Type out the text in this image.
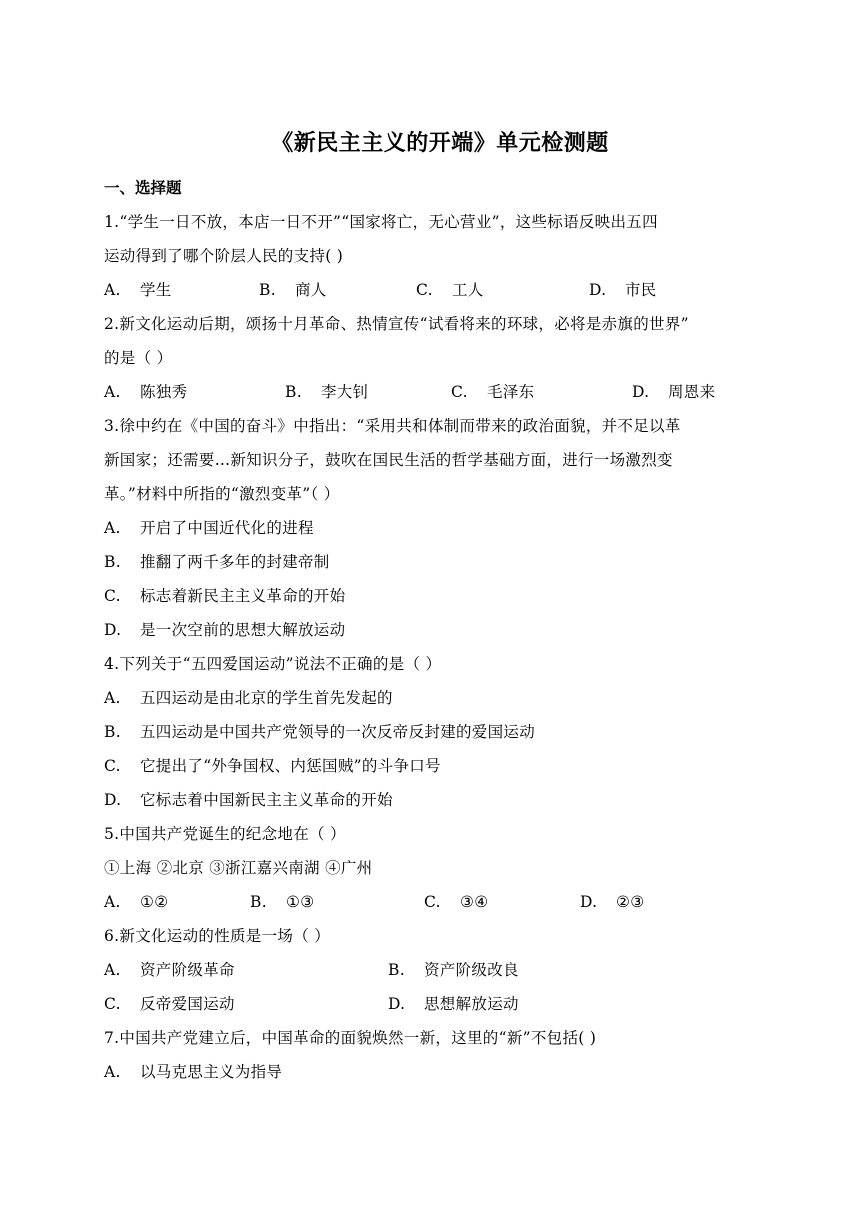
《新民主主义的开端》单元检测题
一、选择题
1.“学生一日不放，本店一日不开”“国家将亡，无心营业”，这些标语反映出五四
运动得到了哪个阶层人民的支持( )
A. 学生	B. 商人	C. 工人	D. 市民
2.新文化运动后期，颂扬十月革命、热情宣传“试看将来的环球，必将是赤旗的世界”
的是（ ）
A. 陈独秀	B. 李大钊	C. 毛泽东	D. 周恩来
3.徐中约在《中国的奋斗》中指出：“采用共和体制而带来的政治面貌，并不足以革
新国家；还需要…新知识分子，鼓吹在国民生活的哲学基础方面，进行一场激烈变
革。”材料中所指的“激烈变革”（ ）
A. 开启了中国近代化的进程
B. 推翻了两千多年的封建帝制
C. 标志着新民主主义革命的开始
D. 是一次空前的思想大解放运动
4.下列关于“五四爱国运动”说法不正确的是（ ）
A. 五四运动是由北京的学生首先发起的
B. 五四运动是中国共产党领导的一次反帝反封建的爱国运动
C. 它提出了“外争国权、内惩国贼”的斗争口号
D. 它标志着中国新民主主义革命的开始
5.中国共产党诞生的纪念地在（ ）
①上海 ②北京 ③浙江嘉兴南湖 ④广州
A. ①②	B. ①③	C. ③④	D. ②③
6.新文化运动的性质是一场（ ）
A. 资产阶级革命	B. 资产阶级改良
C. 反帝爱国运动	D. 思想解放运动
7.中国共产党建立后，中国革命的面貌焕然一新，这里的“新”不包括( )
A. 以马克思主义为指导
